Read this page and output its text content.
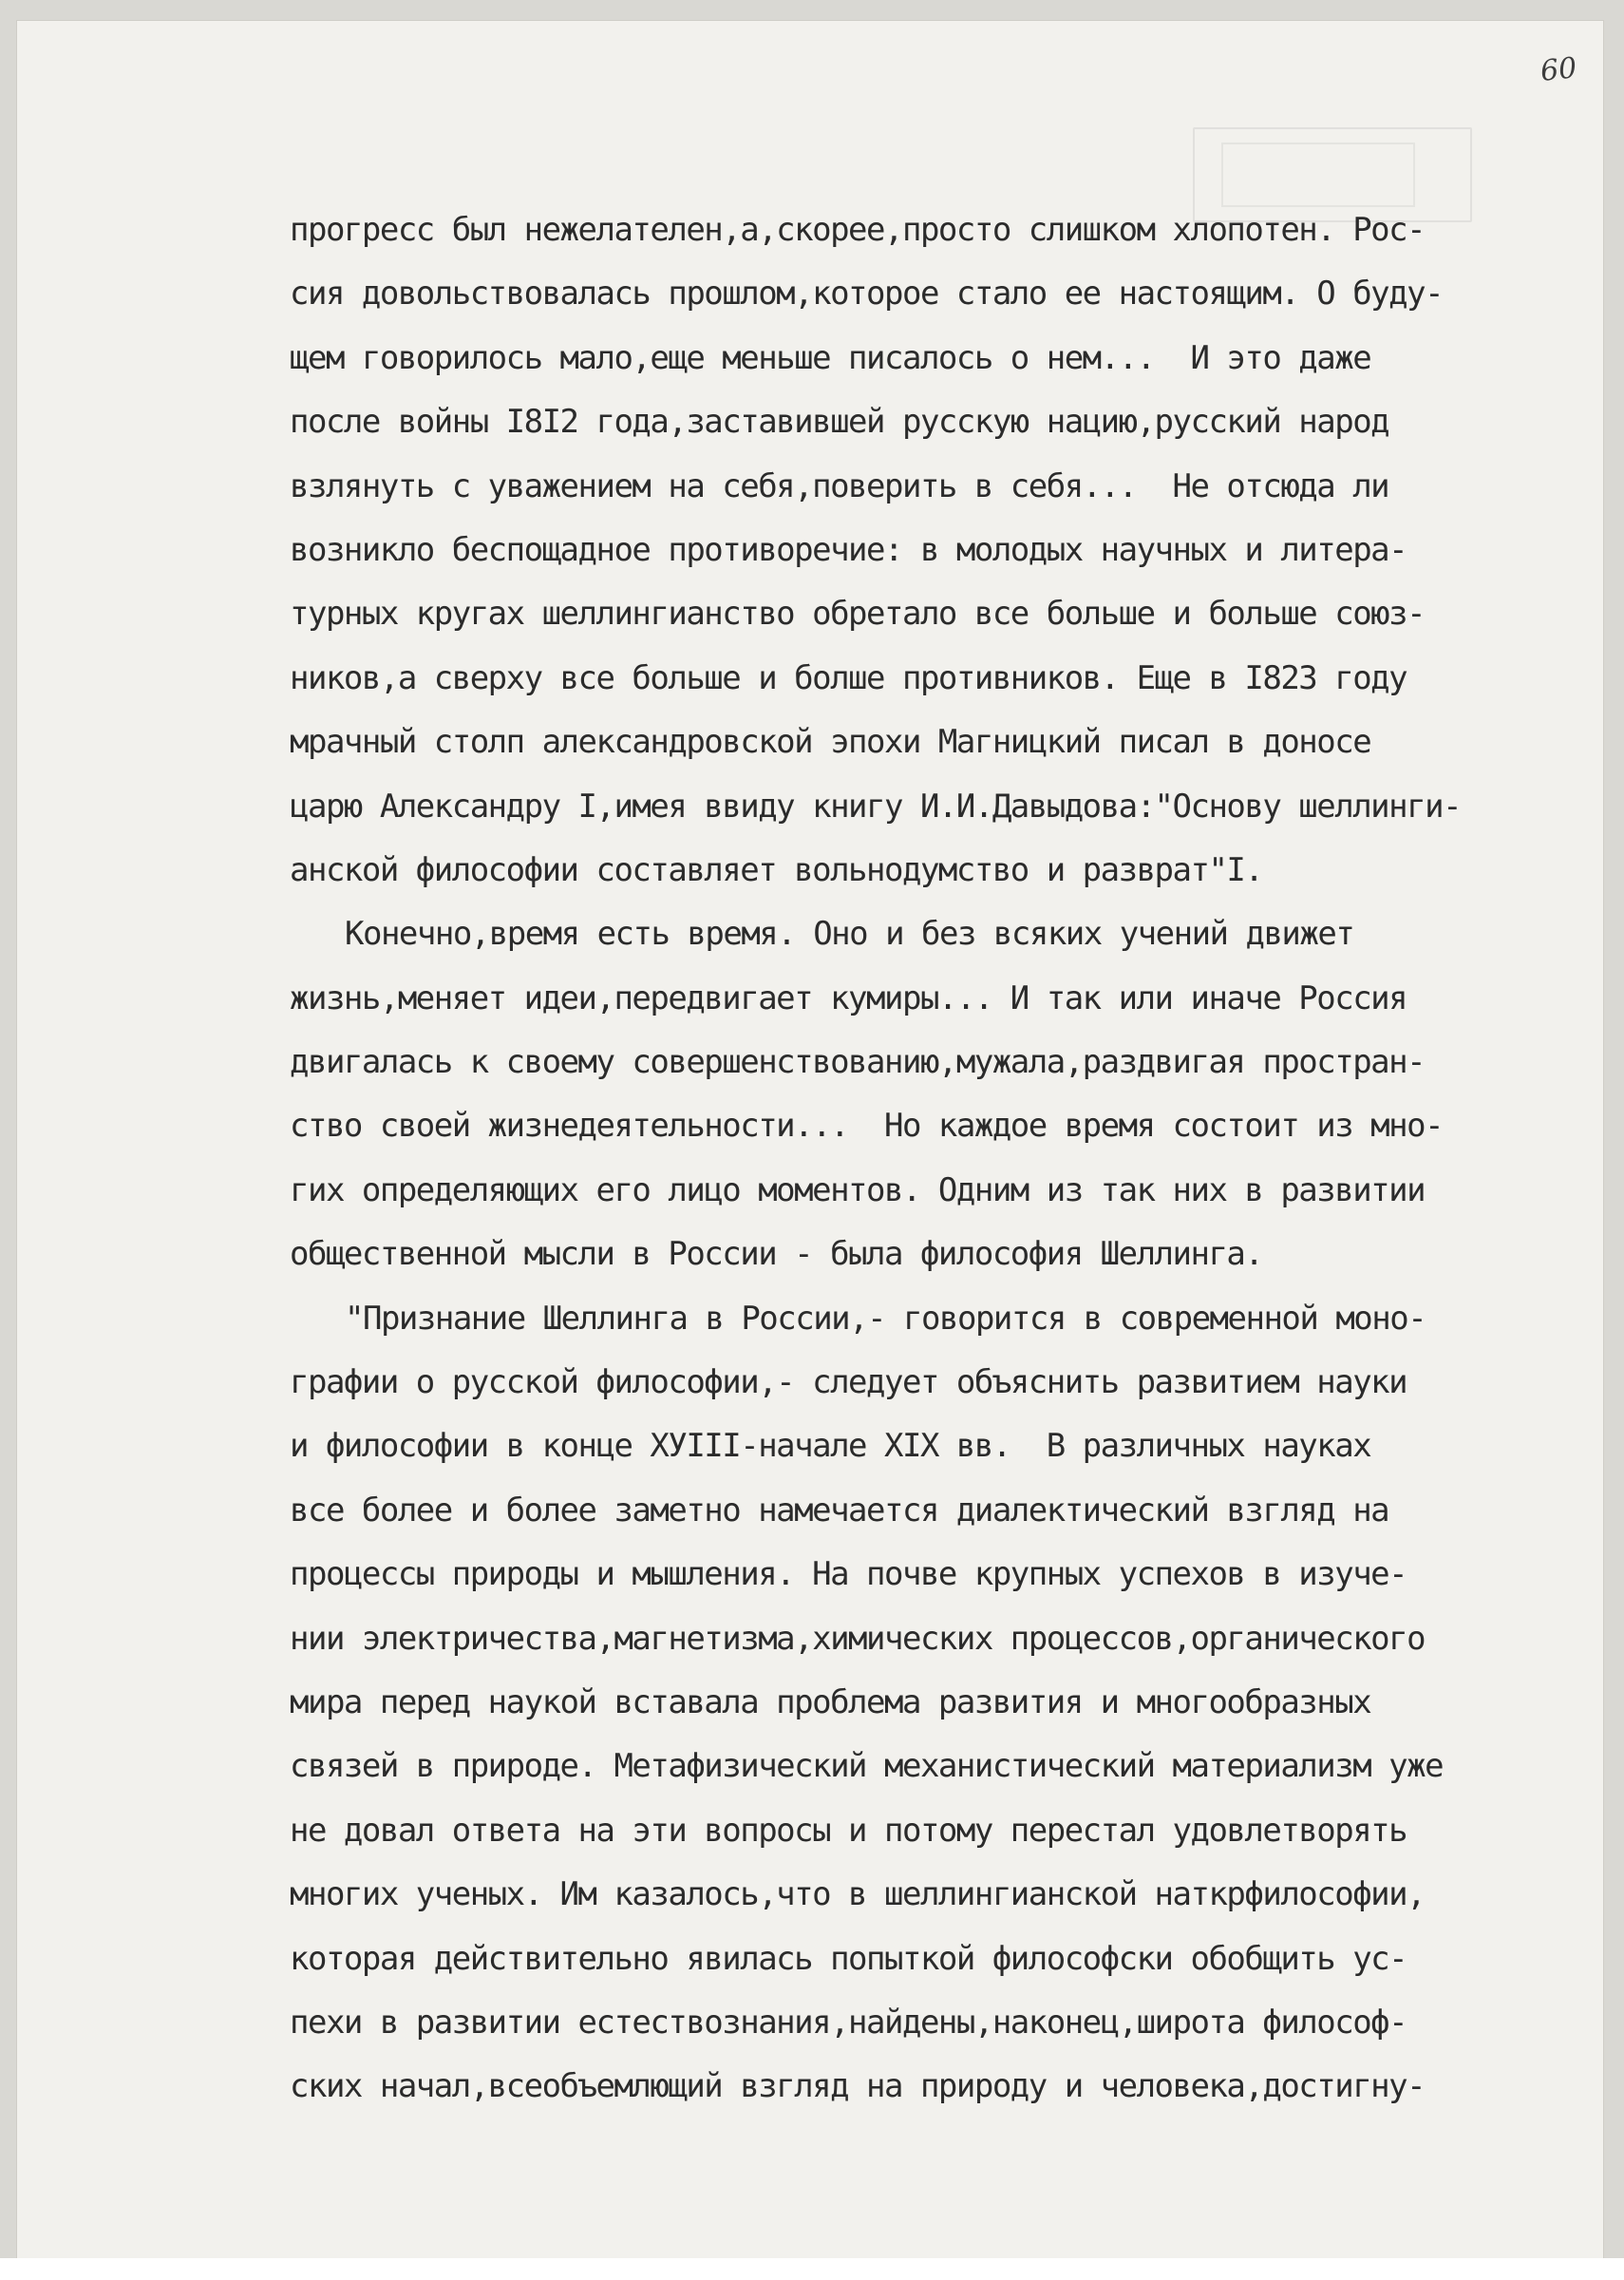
60
прогресс был нежелателен,а,скорее,просто слишком хлопотен. Рос-
сия довольствовалась прошлом,которое стало ее настоящим. О буду-
щем говорилось мало,еще меньше писалось о нем...  И это даже
после войны I8I2 года,заставившей русскую нацию,русский народ
взлянуть с уважением на себя,поверить в себя...  Не отсюда ли
возникло беспощадное противоречие: в молодых научных и литера-
турных кругах шеллингианство обретало все больше и больше союз-
ников,а сверху все больше и болше противников. Еще в I823 году
мрачный столп александровской эпохи Магницкий писал в доносе
царю Александру I,имея ввиду книгу И.И.Давыдова:"Основу шеллинги-
анской философии составляет вольнодумство и разврат"I.
Конечно,время есть время. Оно и без всяких учений движет
жизнь,меняет идеи,передвигает кумиры... И так или иначе Россия
двигалась к своему совершенствованию,мужала,раздвигая простран-
ство своей жизнедеятельности...  Но каждое время состоит из мно-
гих определяющих его лицо моментов. Одним из так них в развитии
общественной мысли в России - была философия Шеллинга.
"Признание Шеллинга в России,- говорится в современной моно-
графии о русской философии,- следует объяснить развитием науки
и философии в конце ХУIII-начале XIX вв.  В различных науках
все более и более заметно намечается диалектический взгляд на
процессы природы и мышления. На почве крупных успехов в изуче-
нии электричества,магнетизма,химических процессов,органического
мира перед наукой вставала проблема развития и многообразных
связей в природе. Метафизический механистический материализм уже
не довал ответа на эти вопросы и потому перестал удовлетворять
многих ученых. Им казалось,что в шеллингианской наткрфилософии,
которая действительно явилась попыткой философски обобщить ус-
пехи в развитии естествознания,найдены,наконец,широта философ-
ских начал,всеобъемлющий взгляд на природу и человека,достигну-
